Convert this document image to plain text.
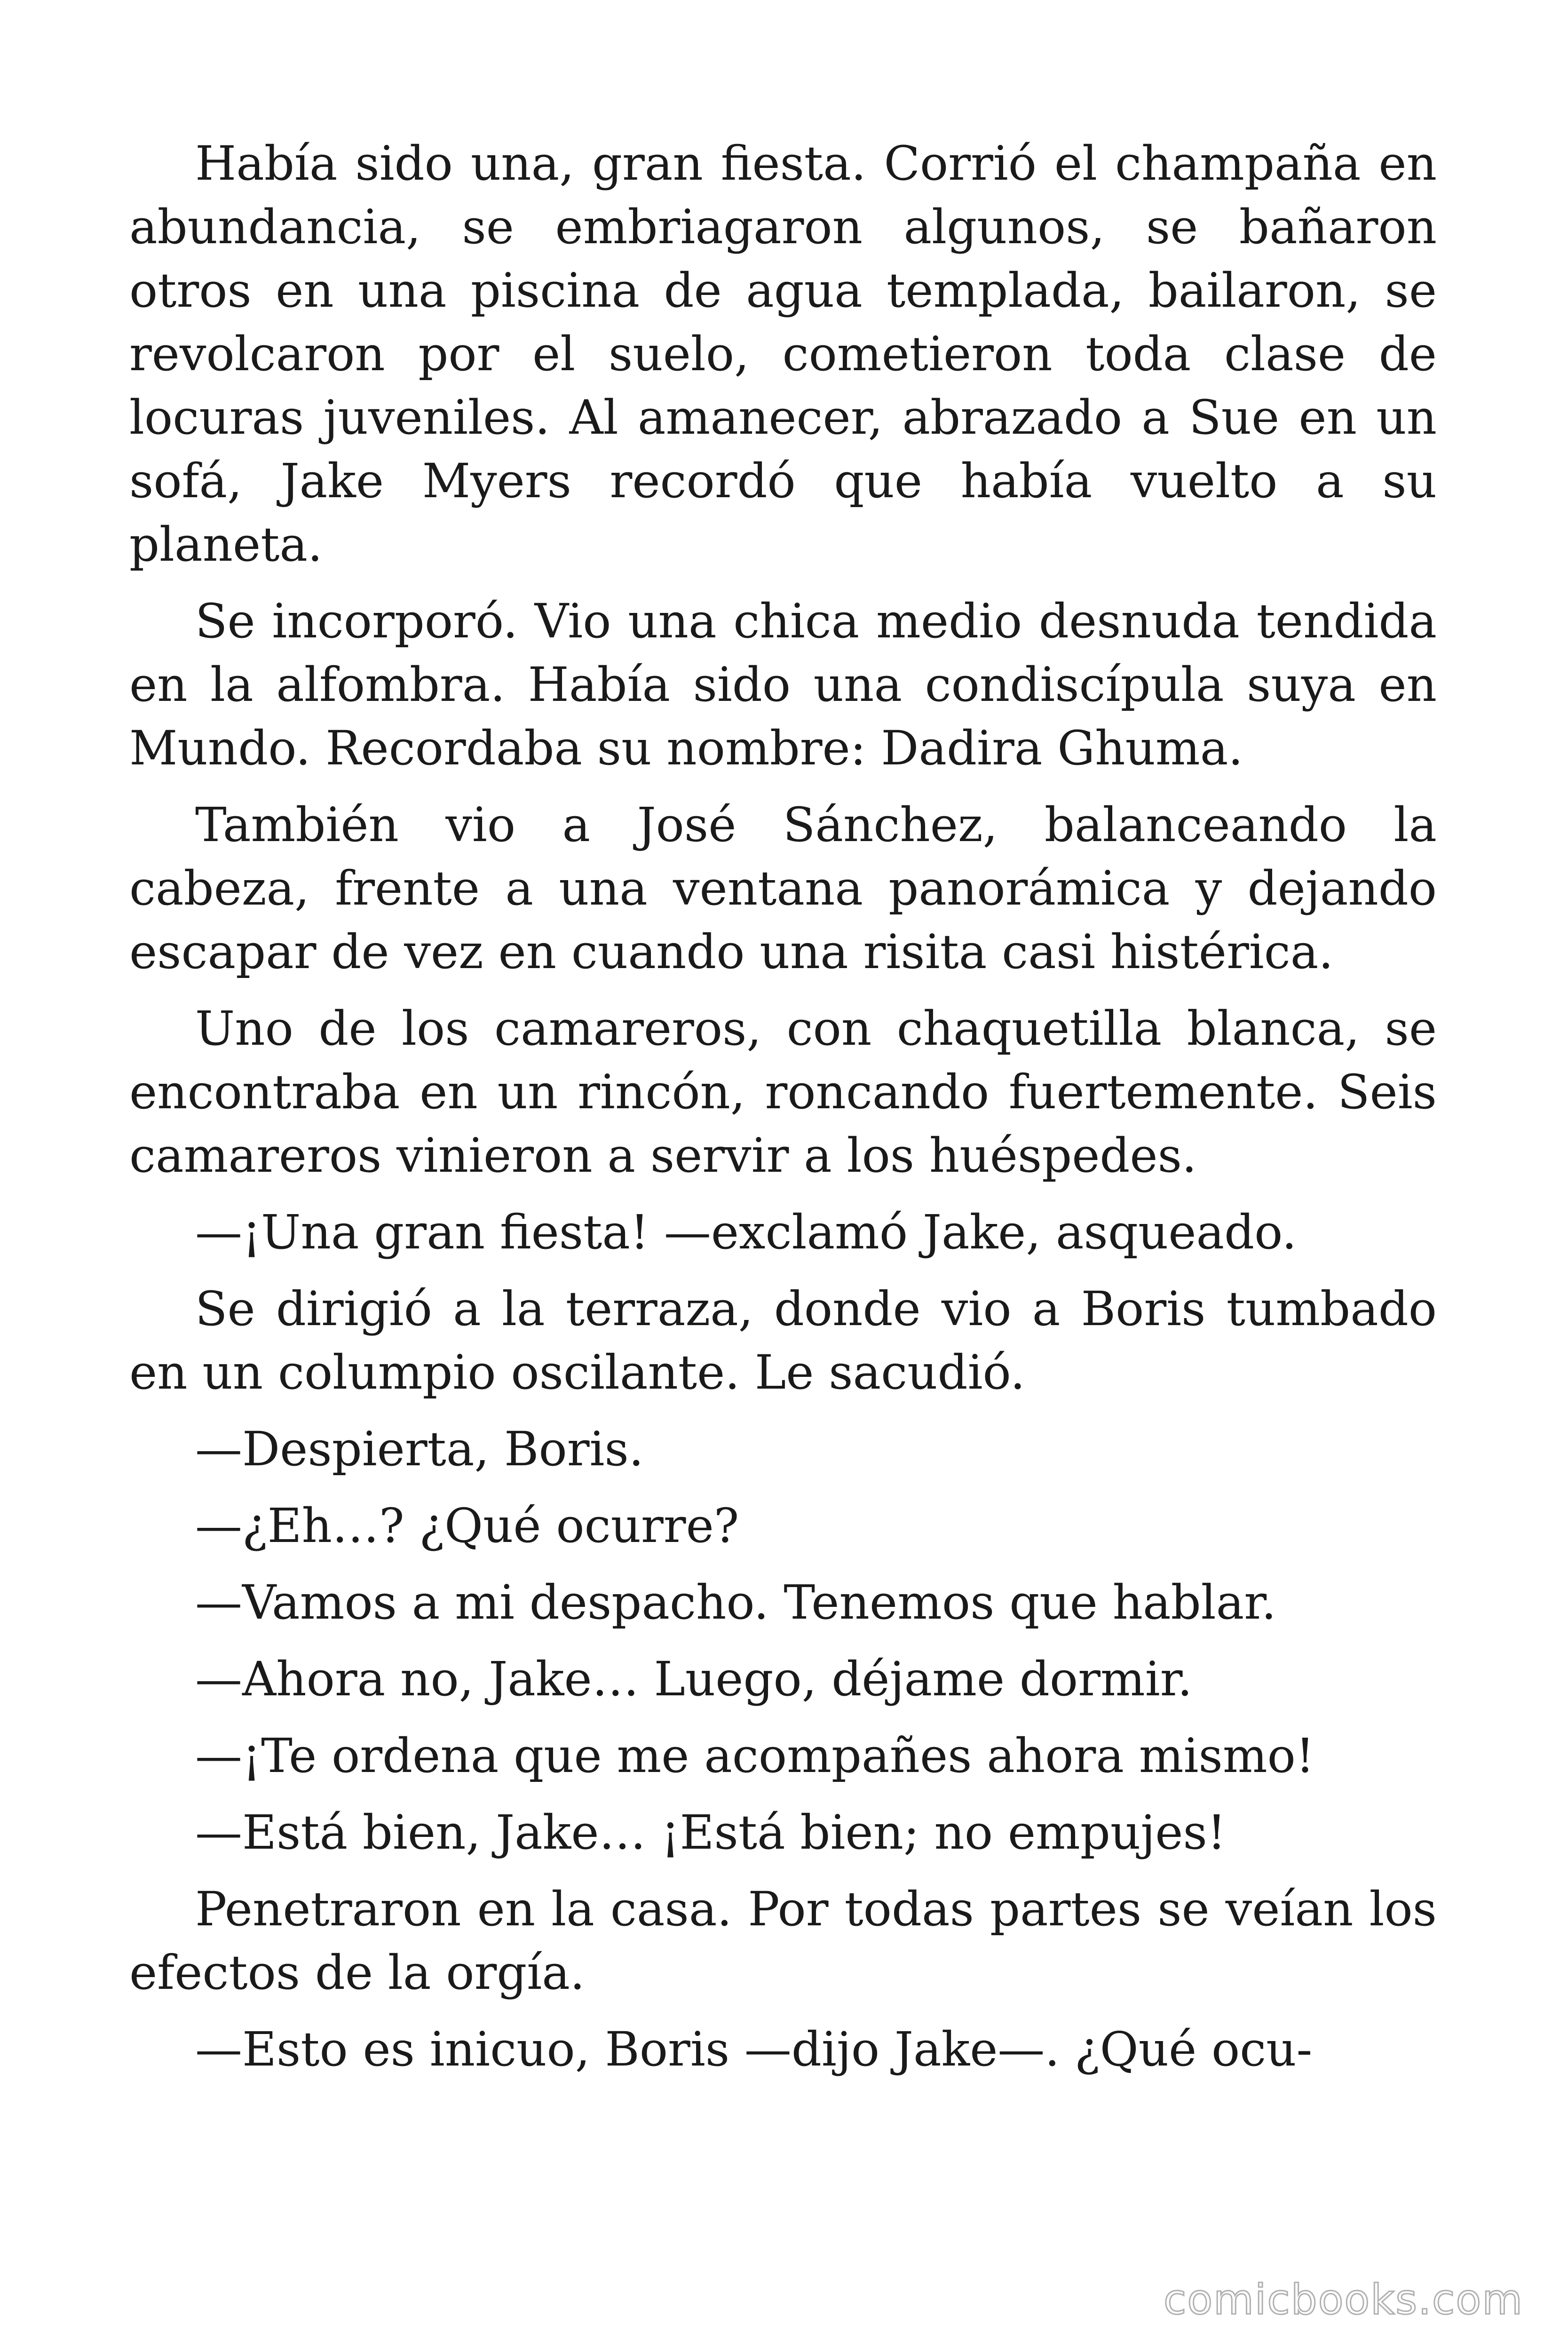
Había sido una, gran fiesta. Corrió el champaña en abundancia, se embriagaron algunos, se bañaron otros en una piscina de agua templada, bailaron, se revolcaron por el suelo, cometieron toda clase de locuras juveniles. Al amanecer, abrazado a Sue en un sofá, Jake Myers recordó que había vuelto a su planeta.

Se incorporó. Vio una chica medio desnuda tendida en la alfombra. Había sido una condiscípula suya en Mundo. Recordaba su nombre: Dadira Ghuma.

También vio a José Sánchez, balanceando la cabeza, frente a una ventana panorámica y dejando escapar de vez en cuando una risita casi histérica.

Uno de los camareros, con chaquetilla blanca, se encontraba en un rincón, roncando fuertemente. Seis camareros vinieron a servir a los huéspedes.

—¡Una gran fiesta! —exclamó Jake, asqueado.

Se dirigió a la terraza, donde vio a Boris tumbado en un columpio oscilante. Le sacudió.

—Despierta, Boris.

—¿Eh…? ¿Qué ocurre?

—Vamos a mi despacho. Tenemos que hablar.

—Ahora no, Jake… Luego, déjame dormir.

—¡Te ordena que me acompañes ahora mismo!

—Está bien, Jake… ¡Está bien; no empujes!

Penetraron en la casa. Por todas partes se veían los efectos de la orgía.

—Esto es inicuo, Boris —dijo Jake—. ¿Qué ocu-

comicbooks.com
